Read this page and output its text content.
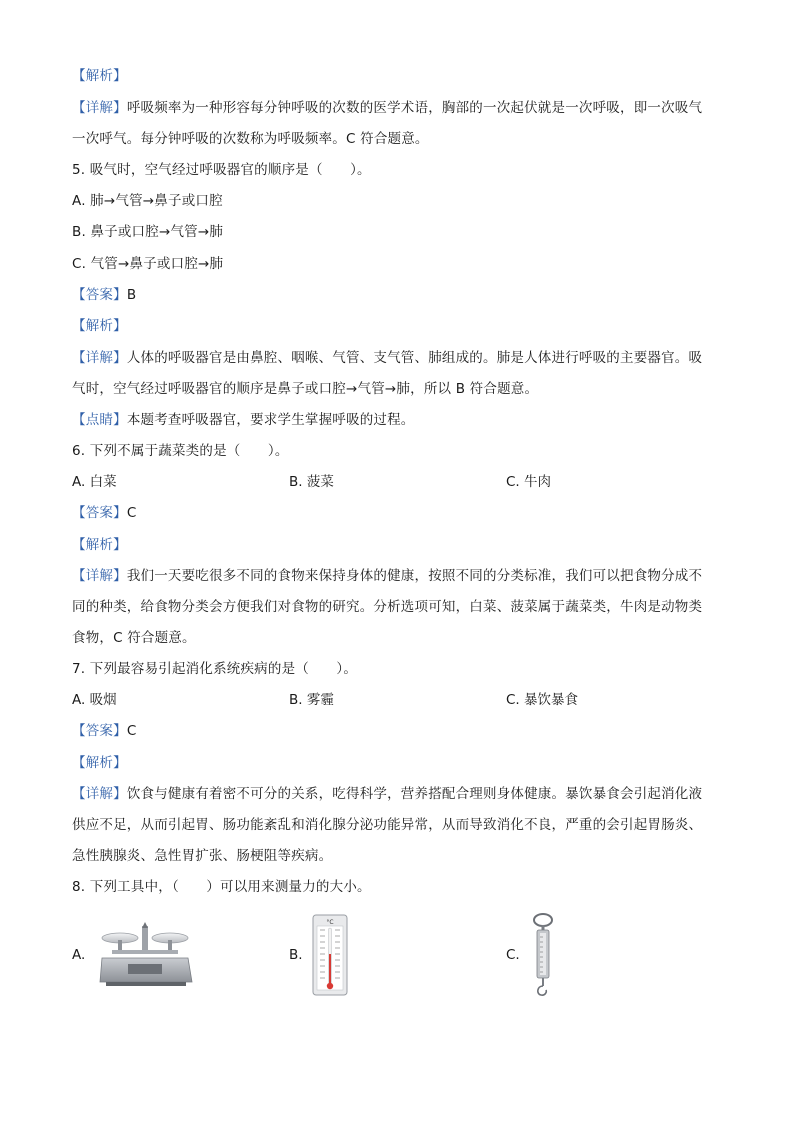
【解析】
【详解】呼吸频率为一种形容每分钟呼吸的次数的医学术语，胸部的一次起伏就是一次呼吸，即一次吸气
一次呼气。每分钟呼吸的次数称为呼吸频率。C 符合题意。
5. 吸气时，空气经过呼吸器官的顺序是（　　）。
A. 肺→气管→鼻子或口腔
B. 鼻子或口腔→气管→肺
C. 气管→鼻子或口腔→肺
【答案】B
【解析】
【详解】人体的呼吸器官是由鼻腔、咽喉、气管、支气管、肺组成的。肺是人体进行呼吸的主要器官。吸
气时，空气经过呼吸器官的顺序是鼻子或口腔→气管→肺，所以 B 符合题意。
【点睛】本题考查呼吸器官，要求学生掌握呼吸的过程。
6. 下列不属于蔬菜类的是（　　）。
A. 白菜	B. 菠菜	C. 牛肉
【答案】C
【解析】
【详解】我们一天要吃很多不同的食物来保持身体的健康，按照不同的分类标准，我们可以把食物分成不
同的种类，给食物分类会方便我们对食物的研究。分析选项可知，白菜、菠菜属于蔬菜类，牛肉是动物类
食物，C 符合题意。
7. 下列最容易引起消化系统疾病的是（　　）。
A. 吸烟	B. 雾霾	C. 暴饮暴食
【答案】C
【解析】
【详解】饮食与健康有着密不可分的关系，吃得科学，营养搭配合理则身体健康。暴饮暴食会引起消化液
供应不足，从而引起胃、肠功能紊乱和消化腺分泌功能异常，从而导致消化不良，严重的会引起胃肠炎、
急性胰腺炎、急性胃扩张、肠梗阻等疾病。
8. 下列工具中，（　　）可以用来测量力的大小。
A.	B.	C.
°C
